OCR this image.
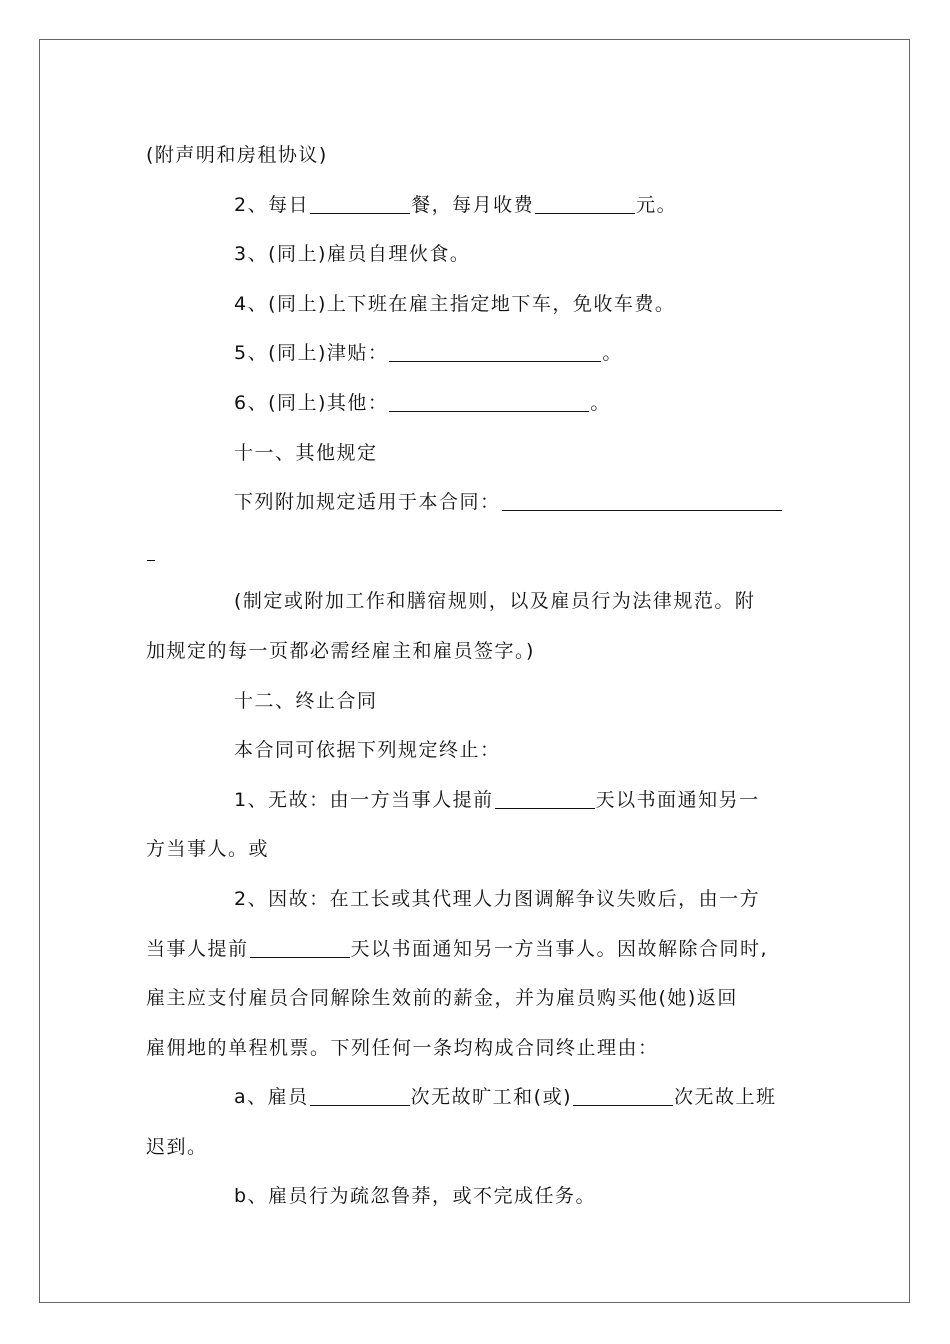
(附声明和房租协议)
2、每日	餐，每月收费	元。
3、(同上)雇员自理伙食。
4、(同上)上下班在雇主指定地下车，免收车费。
5、(同上)津贴：	。
6、(同上)其他：	。
十一、其他规定
下列附加规定适用于本合同：
(制定或附加工作和膳宿规则，以及雇员行为法律规范。附
加规定的每一页都必需经雇主和雇员签字。)
十二、终止合同
本合同可依据下列规定终止：
1、无故：由一方当事人提前	天以书面通知另一
方当事人。或
2、因故：在工长或其代理人力图调解争议失败后，由一方
当事人提前	天以书面通知另一方当事人。因故解除合同时,
雇主应支付雇员合同解除生效前的薪金，并为雇员购买他(她)返回
雇佣地的单程机票。下列任何一条均构成合同终止理由：
a、雇员	次无故旷工和(或)	次无故上班
迟到。
b、雇员行为疏忽鲁莽，或不完成任务。
